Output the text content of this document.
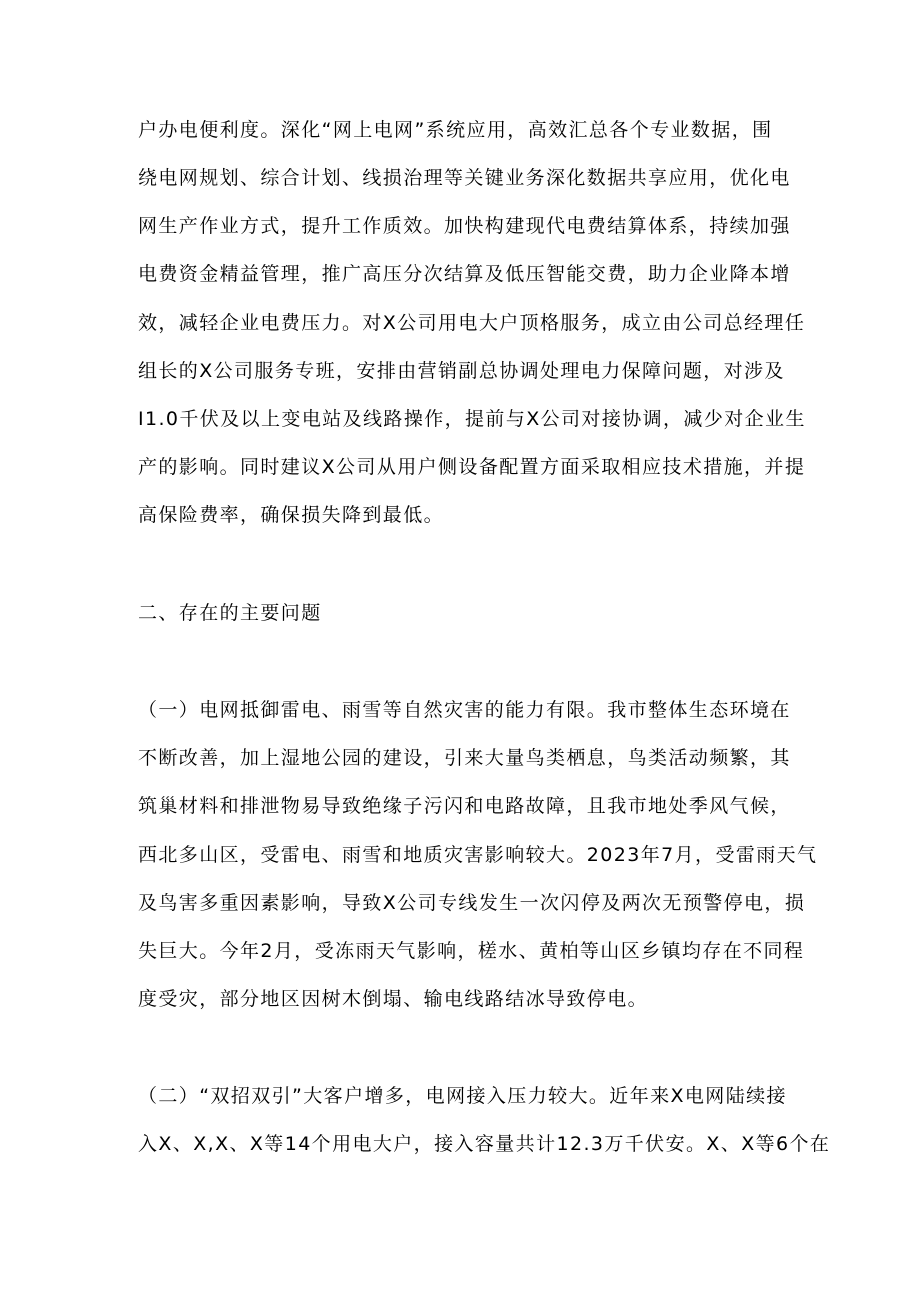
户办电便利度。深化“网上电网”系统应用，高效汇总各个专业数据，围
绕电网规划、综合计划、线损治理等关键业务深化数据共享应用，优化电
网生产作业方式，提升工作质效。加快构建现代电费结算体系，持续加强
电费资金精益管理，推广高压分次结算及低压智能交费，助力企业降本增
效，减轻企业电费压力。对X公司用电大户顶格服务，成立由公司总经理任
组长的X公司服务专班，安排由营销副总协调处理电力保障问题，对涉及
I1.0千伏及以上变电站及线路操作，提前与X公司对接协调，减少对企业生
产的影响。同时建议X公司从用户侧设备配置方面采取相应技术措施，并提
高保险费率，确保损失降到最低。
二、存在的主要问题
（一）电网抵御雷电、雨雪等自然灾害的能力有限。我市整体生态环境在
不断改善，加上湿地公园的建设，引来大量鸟类栖息，鸟类活动频繁，其
筑巢材料和排泄物易导致绝缘子污闪和电路故障，且我市地处季风气候，
西北多山区，受雷电、雨雪和地质灾害影响较大。2023年7月，受雷雨天气
及鸟害多重因素影响，导致X公司专线发生一次闪停及两次无预警停电，损
失巨大。今年2月，受冻雨天气影响，槎水、黄柏等山区乡镇均存在不同程
度受灾，部分地区因树木倒塌、输电线路结冰导致停电。
（二）“双招双引”大客户增多，电网接入压力较大。近年来X电网陆续接
入X、X,X、X等14个用电大户，接入容量共计12.3万千伏安。X、X等6个在
